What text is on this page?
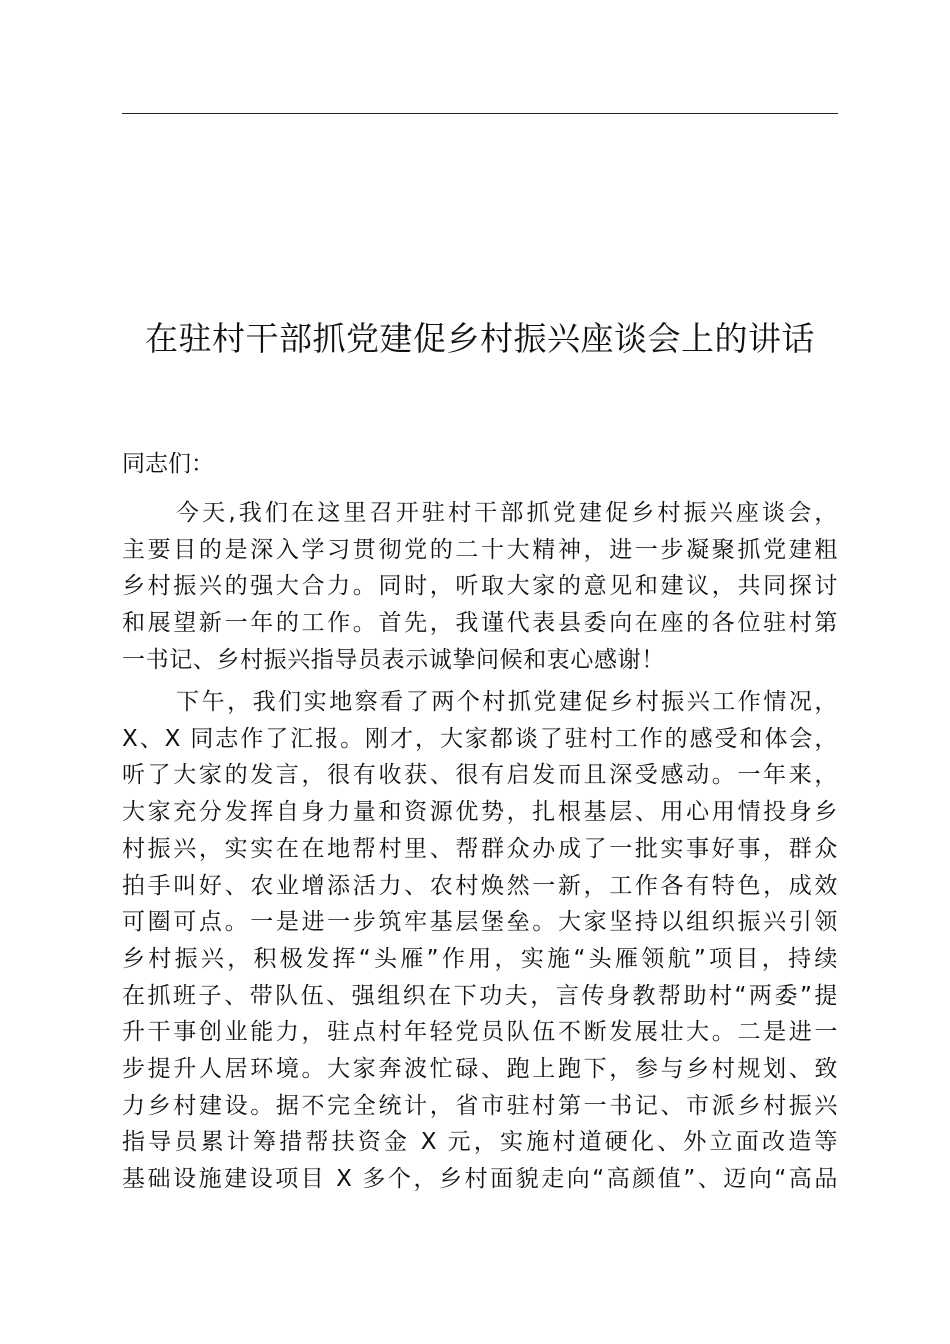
在驻村干部抓党建促乡村振兴座谈会上的讲话

同志们：

今天,我们在这里召开驻村干部抓党建促乡村振兴座谈会，
主要目的是深入学习贯彻党的二十大精神，进一步凝聚抓党建粗
乡村振兴的强大合力。同时，听取大家的意见和建议，共同探讨
和展望新一年的工作。首先，我谨代表县委向在座的各位驻村第
一书记、乡村振兴指导员表示诚挚问候和衷心感谢！
下午，我们实地察看了两个村抓党建促乡村振兴工作情况，
X、X 同志作了汇报。刚才，大家都谈了驻村工作的感受和体会，
听了大家的发言，很有收获、很有启发而且深受感动。一年来，
大家充分发挥自身力量和资源优势，扎根基层、用心用情投身乡
村振兴，实实在在地帮村里、帮群众办成了一批实事好事，群众
拍手叫好、农业增添活力、农村焕然一新，工作各有特色，成效
可圈可点。一是进一步筑牢基层堡垒。大家坚持以组织振兴引领
乡村振兴，积极发挥“头雁”作用，实施“头雁领航”项目，持续
在抓班子、带队伍、强组织在下功夫，言传身教帮助村“两委”提
升干事创业能力，驻点村年轻党员队伍不断发展壮大。二是进一
步提升人居环境。大家奔波忙碌、跑上跑下，参与乡村规划、致
力乡村建设。据不完全统计，省市驻村第一书记、市派乡村振兴
指导员累计筹措帮扶资金 X 元，实施村道硬化、外立面改造等
基础设施建设项目 X 多个，乡村面貌走向“高颜值”、迈向“高品
